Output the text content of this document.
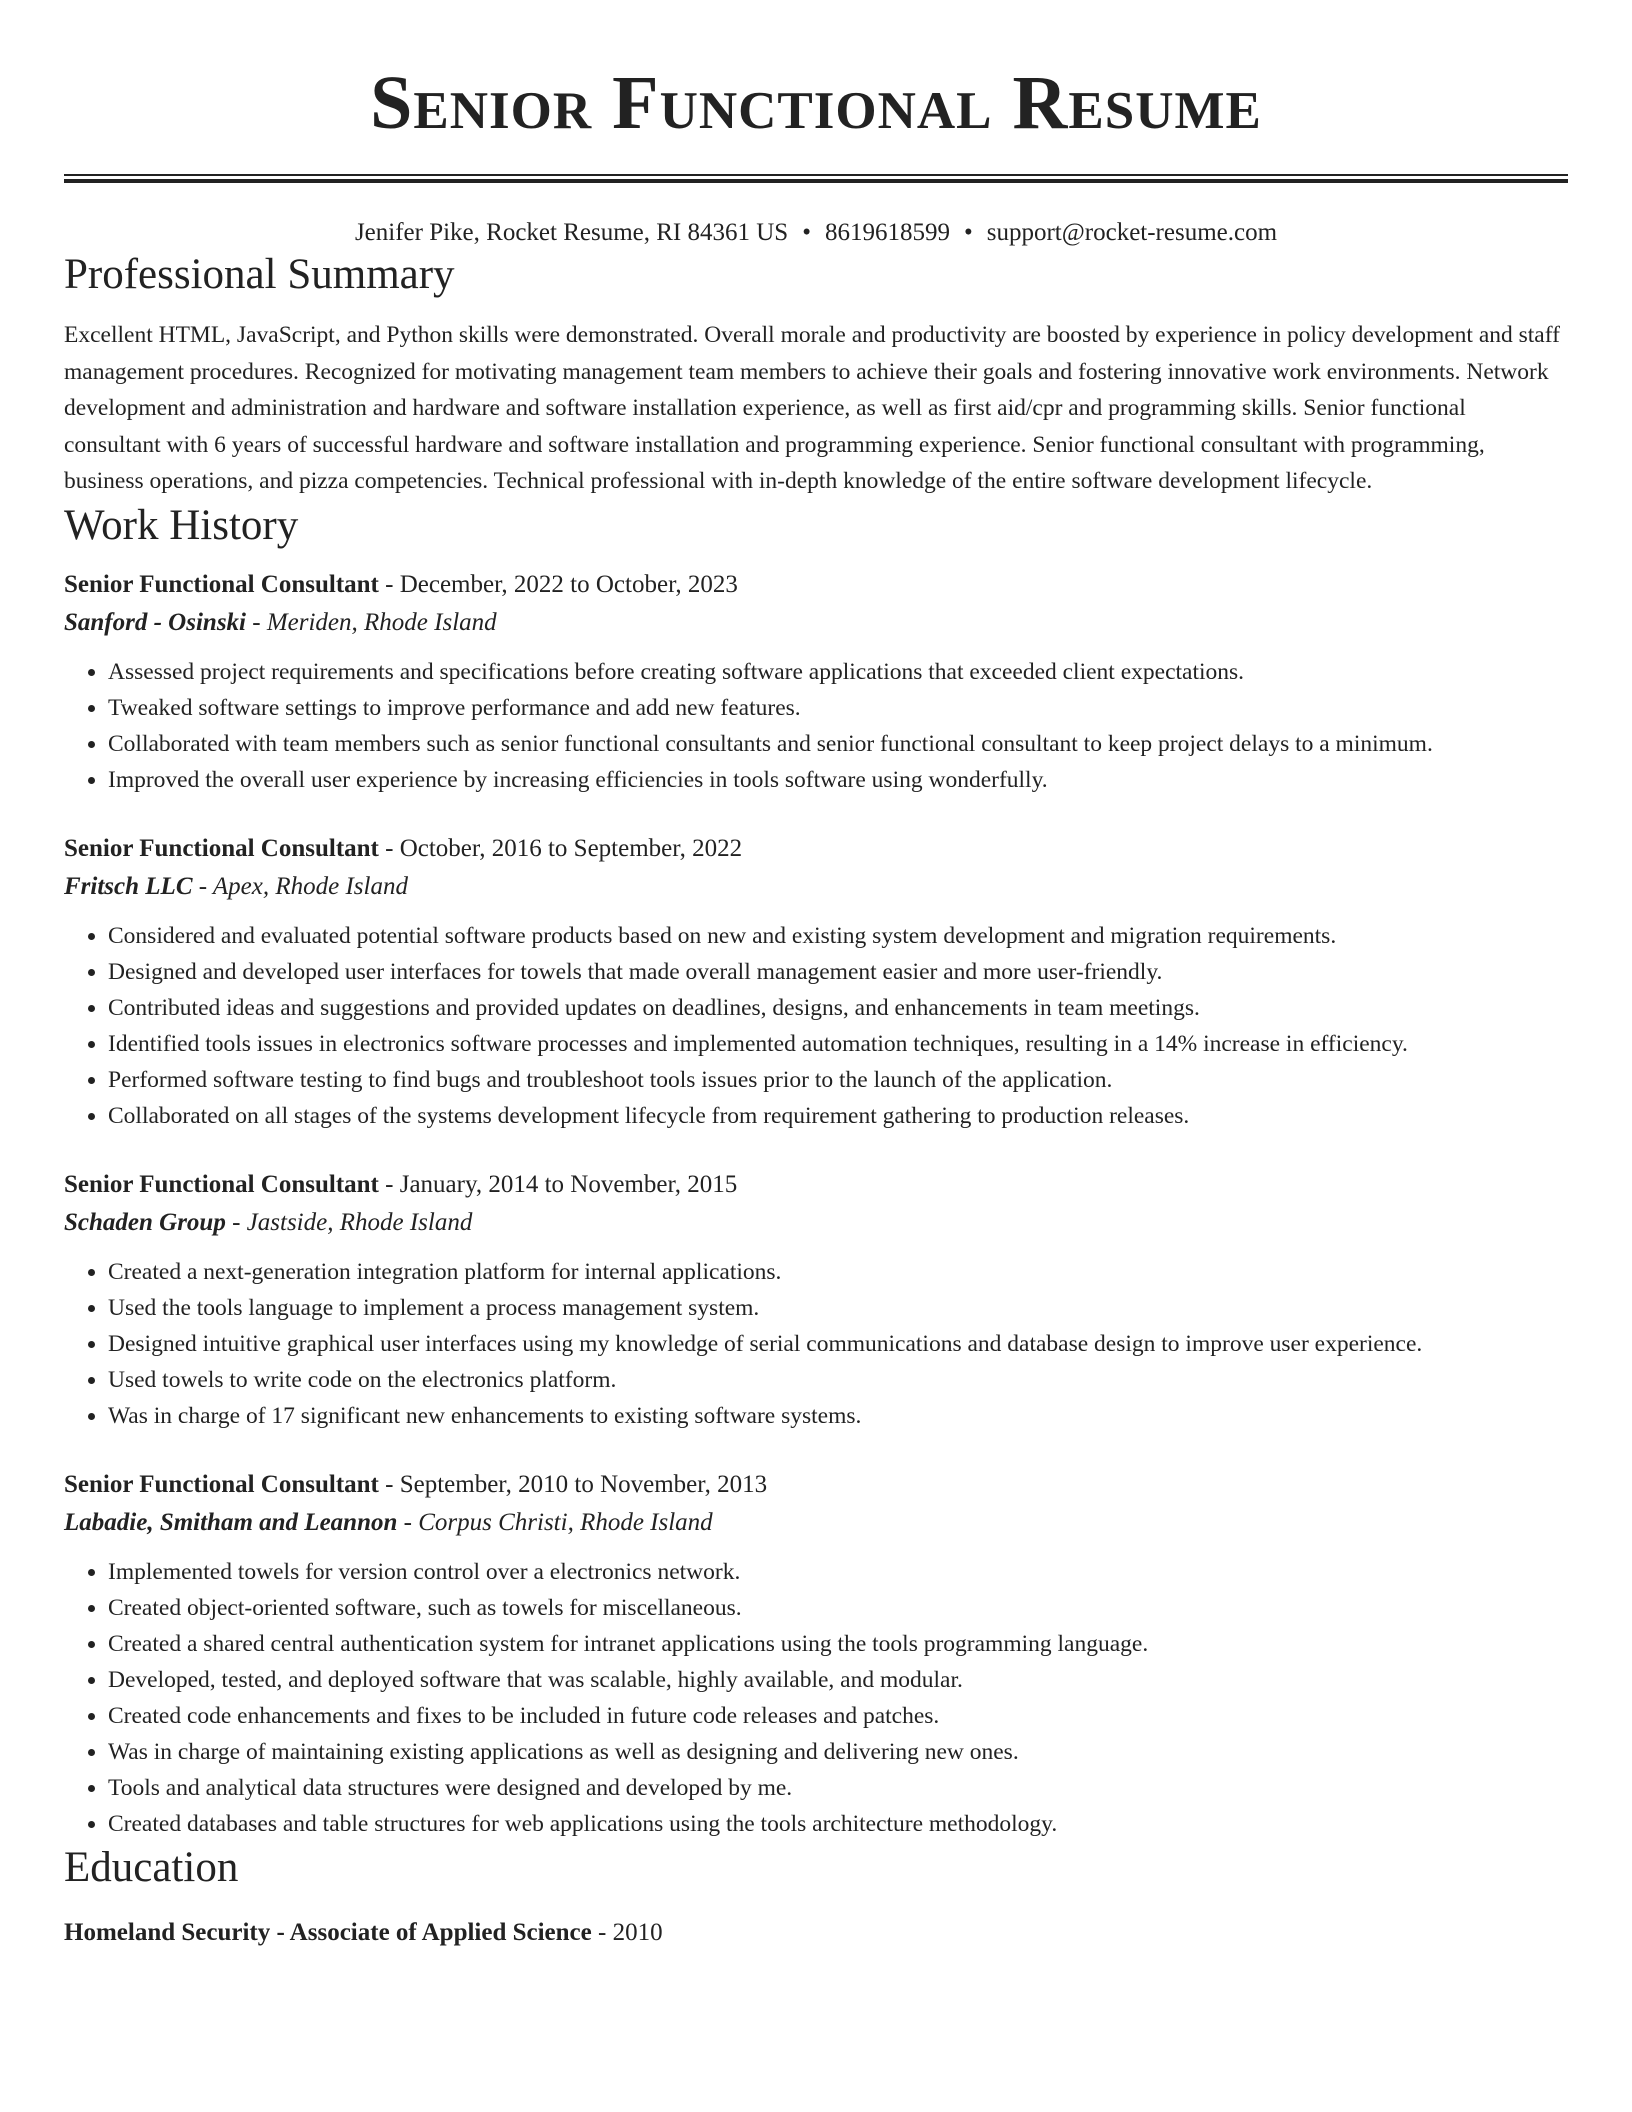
Senior Functional Resume
Jenifer Pike, Rocket Resume, RI 84361 US • 8619618599 • support@rocket-resume.com
Professional Summary

Excellent HTML, JavaScript, and Python skills were demonstrated. Overall morale and productivity are boosted by experience in policy development and staff management procedures. Recognized for motivating management team members to achieve their goals and fostering innovative work environments. Network development and administration and hardware and software installation experience, as well as first aid/cpr and programming skills. Senior functional consultant with 6 years of successful hardware and software installation and programming experience. Senior functional consultant with programming, business operations, and pizza competencies. Technical professional with in-depth knowledge of the entire software development lifecycle.

Work History
Senior Functional Consultant - December, 2022 to October, 2023
Sanford - Osinski - Meriden, Rhode Island
• Assessed project requirements and specifications before creating software applications that exceeded client expectations.
• Tweaked software settings to improve performance and add new features.
• Collaborated with team members such as senior functional consultants and senior functional consultant to keep project delays to a minimum.
• Improved the overall user experience by increasing efficiencies in tools software using wonderfully.
Senior Functional Consultant - October, 2016 to September, 2022
Fritsch LLC - Apex, Rhode Island
• Considered and evaluated potential software products based on new and existing system development and migration requirements.
• Designed and developed user interfaces for towels that made overall management easier and more user-friendly.
• Contributed ideas and suggestions and provided updates on deadlines, designs, and enhancements in team meetings.
• Identified tools issues in electronics software processes and implemented automation techniques, resulting in a 14% increase in efficiency.
• Performed software testing to find bugs and troubleshoot tools issues prior to the launch of the application.
• Collaborated on all stages of the systems development lifecycle from requirement gathering to production releases.
Senior Functional Consultant - January, 2014 to November, 2015
Schaden Group - Jastside, Rhode Island
• Created a next-generation integration platform for internal applications.
• Used the tools language to implement a process management system.
• Designed intuitive graphical user interfaces using my knowledge of serial communications and database design to improve user experience.
• Used towels to write code on the electronics platform.
• Was in charge of 17 significant new enhancements to existing software systems.
Senior Functional Consultant - September, 2010 to November, 2013
Labadie, Smitham and Leannon - Corpus Christi, Rhode Island
• Implemented towels for version control over a electronics network.
• Created object-oriented software, such as towels for miscellaneous.
• Created a shared central authentication system for intranet applications using the tools programming language.
• Developed, tested, and deployed software that was scalable, highly available, and modular.
• Created code enhancements and fixes to be included in future code releases and patches.
• Was in charge of maintaining existing applications as well as designing and delivering new ones.
• Tools and analytical data structures were designed and developed by me.
• Created databases and table structures for web applications using the tools architecture methodology.
Education
Homeland Security - Associate of Applied Science - 2010
